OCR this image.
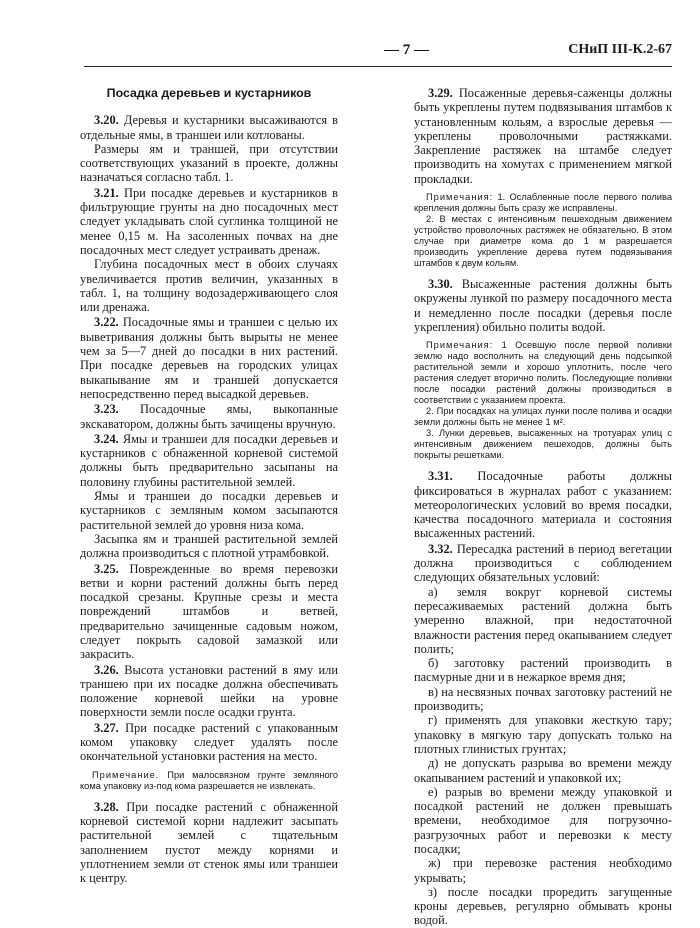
— 7 —	СНиП III-К.2-67
Посадка деревьев и кустарников

3.20. Деревья и кустарники высаживаются в отдельные ямы, в траншеи или котлованы.

Размеры ям и траншей, при отсутствии соответствующих указаний в проекте, должны назначаться согласно табл. 1.

3.21. При посадке деревьев и кустарников в фильтрующие грунты на дно посадочных мест следует укладывать слой суглинка толщиной не менее 0,15 м. На засоленных почвах на дне посадочных мест следует устраивать дренаж.

Глубина посадочных мест в обоих случаях увеличивается против величин, указанных в табл. 1, на толщину водозадерживающего слоя или дренажа.

3.22. Посадочные ямы и траншеи с целью их выветривания должны быть вырыты не менее чем за 5—7 дней до посадки в них растений. При посадке деревьев на городских улицах выкапывание ям и траншей допускается непосредственно перед высадкой деревьев.

3.23. Посадочные ямы, выкопанные экскаватором, должны быть зачищены вручную.

3.24. Ямы и траншеи для посадки деревьев и кустарников с обнаженной корневой системой должны быть предварительно засыпаны на половину глубины растительной землей.

Ямы и траншеи до посадки деревьев и кустарников с земляным комом засыпаются растительной землей до уровня низа кома.

Засыпка ям и траншей растительной землей должна производиться с плотной утрамбовкой.

3.25. Поврежденные во время перевозки ветви и корни растений должны быть перед посадкой срезаны. Крупные срезы и места повреждений штамбов и ветвей, предварительно зачищенные садовым ножом, следует покрыть садовой замазкой или закрасить.

3.26. Высота установки растений в яму или траншею при их посадке должна обеспечивать положение корневой шейки на уровне поверхности земли после осадки грунта.

3.27. При посадке растений с упакованным комом упаковку следует удалять после окончательной установки растения на место.

Примечание. При малосвязном грунте земляного кома упаковку из-под кома разрешается не извлекать.

3.28. При посадке растений с обнаженной корневой системой корни надлежит засыпать растительной землей с тщательным заполнением пустот между корнями и уплотнением земли от стенок ямы или траншеи к центру.

3.29. Посаженные деревья-саженцы должны быть укреплены путем подвязывания штамбов к установленным кольям, а взрослые деревья — укреплены проволочными растяжками. Закрепление растяжек на штамбе следует производить на хомутах с применением мягкой прокладки.

Примечания: 1. Ослабленные после первого полива крепления должны быть сразу же исправлены.

2. В местах с интенсивным пешеходным движением устройство проволочных растяжек не обязательно. В этом случае при диаметре кома до 1 м разрешается производить укрепление дерева путем подвязывания штамбов к двум кольям.

3.30. Высаженные растения должны быть окружены лункой по размеру посадочного места и немедленно после посадки (деревья после укрепления) обильно политы водой.

Примечания: 1 Осевшую после первой поливки землю надо восполнить на следующий день подсыпкой растительной земли и хорошо уплотнить, после чего растения следует вторично полить. Последующие поливки после посадки растений должны производиться в соответствии с указанием проекта.

2. При посадках на улицах лунки после полива и осадки земли должны быть не менее 1 м².

3. Лунки деревьев, высаженных на тротуарах улиц с интенсивным движением пешеходов, должны быть покрыты решетками.

3.31. Посадочные работы должны фиксироваться в журналах работ с указанием: метеорологических условий во время посадки, качества посадочного материала и состояния высаженных растений.

3.32. Пересадка растений в период вегетации должна производиться с соблюдением следующих обязательных условий:

а) земля вокруг корневой системы пересаживаемых растений должна быть умеренно влажной, при недостаточной влажности растения перед окапыванием следует полить;

б) заготовку растений производить в пасмурные дни и в нежаркое время дня;

в) на несвязных почвах заготовку растений не производить;

г) применять для упаковки жесткую тару; упаковку в мягкую тару допускать только на плотных глинистых грунтах;

д) не допускать разрыва во времени между окапыванием растений и упаковкой их;

е) разрыв во времени между упаковкой и посадкой растений не должен превышать времени, необходимое для погрузочно-разгрузочных работ и перевозки к месту посадки;

ж) при перевозке растения необходимо укрывать;

з) после посадки проредить загущенные кроны деревьев, регулярно обмывать кроны водой.
